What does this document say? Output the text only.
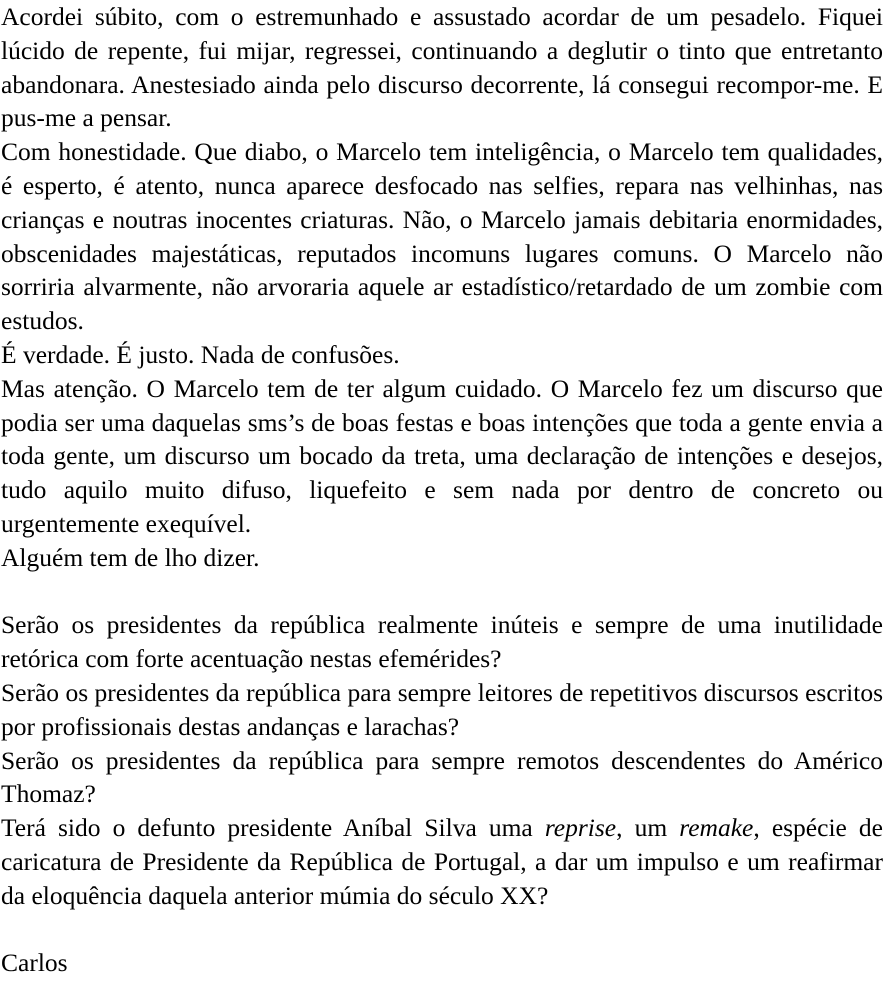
Acordei súbito, com o estremunhado e assustado acordar de um pesadelo. Fiquei lúcido de repente, fui mijar, regressei, continuando a deglutir o tinto que entretanto abandonara. Anestesiado ainda pelo discurso decorrente, lá consegui recompor-me. E pus-me a pensar.

Com honestidade. Que diabo, o Marcelo tem inteligência, o Marcelo tem qualidades, é esperto, é atento, nunca aparece desfocado nas selfies, repara nas velhinhas, nas crianças e noutras inocentes criaturas. Não, o Marcelo jamais debitaria enormidades, obscenidades majestáticas, reputados incomuns lugares comuns. O Marcelo não sorriria alvarmente, não arvoraria aquele ar estadístico/retardado de um zombie com estudos.

É verdade. É justo. Nada de confusões.

Mas atenção. O Marcelo tem de ter algum cuidado. O Marcelo fez um discurso que podia ser uma daquelas sms’s de boas festas e boas intenções que toda a gente envia a toda gente, um discurso um bocado da treta, uma declaração de intenções e desejos, tudo aquilo muito difuso, liquefeito e sem nada por dentro de concreto ou urgentemente exequível.

Alguém tem de lho dizer.

Serão os presidentes da república realmente inúteis e sempre de uma inutilidade retórica com forte acentuação nestas efemérides?

Serão os presidentes da república para sempre leitores de repetitivos discursos escritos por profissionais destas andanças e larachas?

Serão os presidentes da república para sempre remotos descendentes do Américo Thomaz?

Terá sido o defunto presidente Aníbal Silva uma reprise, um remake, espécie de caricatura de Presidente da República de Portugal, a dar um impulso e um reafirmar da eloquência daquela anterior múmia do século XX?

Carlos
